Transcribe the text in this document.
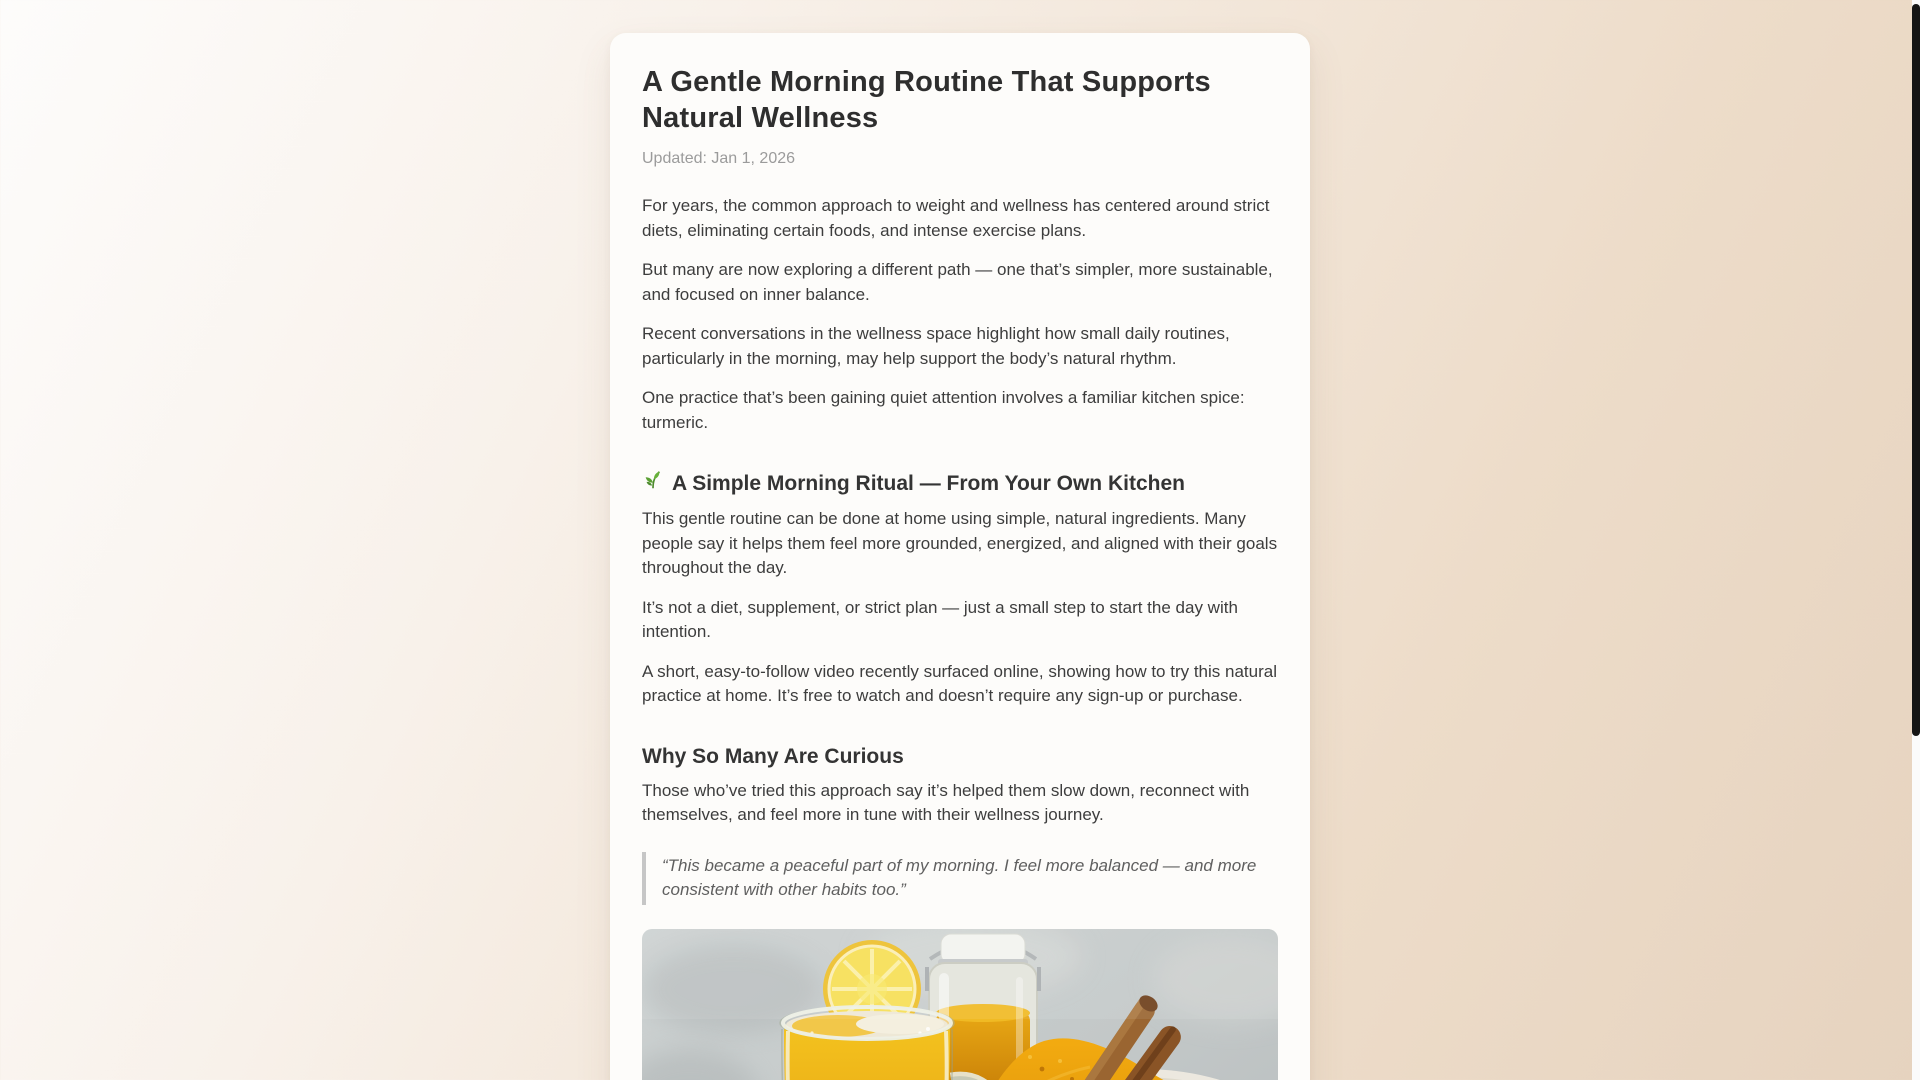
A Gentle Morning Routine That Supports Natural Wellness
Updated: Jan 1, 2026

For years, the common approach to weight and wellness has centered around strict diets, eliminating certain foods, and intense exercise plans.

But many are now exploring a different path — one that’s simpler, more sustainable, and focused on inner balance.

Recent conversations in the wellness space highlight how small daily routines, particularly in the morning, may help support the body’s natural rhythm.

One practice that’s been gaining quiet attention involves a familiar kitchen spice: turmeric.

A Simple Morning Ritual — From Your Own Kitchen

This gentle routine can be done at home using simple, natural ingredients. Many people say it helps them feel more grounded, energized, and aligned with their goals throughout the day.

It’s not a diet, supplement, or strict plan — just a small step to start the day with intention.

A short, easy-to-follow video recently surfaced online, showing how to try this natural practice at home. It’s free to watch and doesn’t require any sign-up or purchase.

Why So Many Are Curious

Those who’ve tried this approach say it’s helped them slow down, reconnect with themselves, and feel more in tune with their wellness journey.

“This became a peaceful part of my morning. I feel more balanced — and more consistent with other habits too.”
